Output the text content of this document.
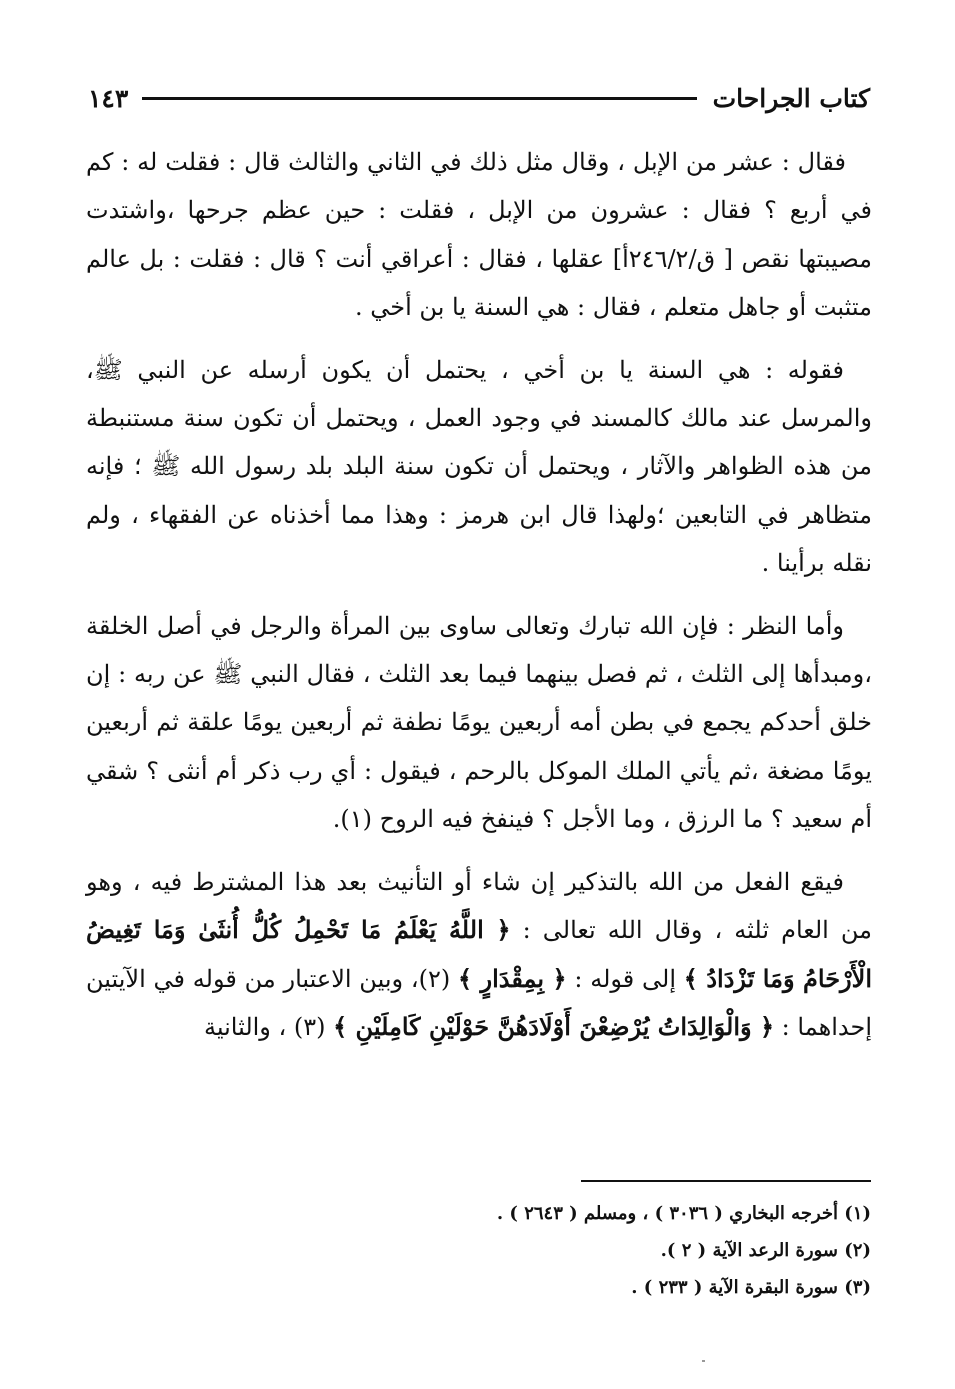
كتاب الجراحات
١٤٣

فقال : عشر من الإبل ، وقال مثل ذلك في الثاني والثالث قال : فقلت له : كم في أربع ؟ فقال : عشرون من الإبل ، فقلت : حين عظم جرحها ،واشتدت مصيبتها نقص [ ق/٢٤٦/٢أ] عقلها ، فقال : أعراقي أنت ؟ قال : فقلت : بل عالم متثبت أو جاهل متعلم ، فقال : هي السنة يا بن أخي .

فقوله : هي السنة يا بن أخي ، يحتمل أن يكون أرسله عن النبي ﷺ، والمرسل عند مالك كالمسند في وجود العمل ، ويحتمل أن تكون سنة مستنبطة من هذه الظواهر والآثار ، ويحتمل أن تكون سنة البلد بلد رسول الله ﷺ ؛ فإنه متظاهر في التابعين ؛ولهذا قال ابن هرمز : وهذا مما أخذناه عن الفقهاء ، ولم نقله برأينا .

وأما النظر : فإن الله تبارك وتعالى ساوى بين المرأة والرجل في أصل الخلقة ،ومبدأها إلى الثلث ، ثم فصل بينهما فيما بعد الثلث ، فقال النبي ﷺ عن ربه : إن خلق أحدكم يجمع في بطن أمه أربعين يومًا نطفة ثم أربعين يومًا علقة ثم أربعين يومًا مضغة ،ثم يأتي الملك الموكل بالرحم ، فيقول : أي رب ذكر أم أنثى ؟ شقي أم سعيد ؟ ما الرزق ، وما الأجل ؟ فينفخ فيه الروح (١).

فيقع الفعل من الله بالتذكير إن شاء أو التأنيث بعد هذا المشترط فيه ، وهو من العام ثلثه ، وقال الله تعالى : ﴿ اللَّهُ يَعْلَمُ مَا تَحْمِلُ كُلُّ أُنثَىٰ وَمَا تَغِيضُ الْأَرْحَامُ وَمَا تَزْدَادُ ﴾ إلى قوله : ﴿ بِمِقْدَارٍ ﴾ (٢)، وبين الاعتبار من قوله في الآيتين إحداهما : ﴿ وَالْوَالِدَاتُ يُرْضِعْنَ أَوْلَادَهُنَّ حَوْلَيْنِ كَامِلَيْنِ ﴾ (٣) ، والثانية

(١) أخرجه البخاري ( ٣٠٣٦ ) ، ومسلم ( ٢٦٤٣ ) .

(٢) سورة الرعد الآية ( ٢ ).

(٣) سورة البقرة الآية ( ٢٣٣ ) .
